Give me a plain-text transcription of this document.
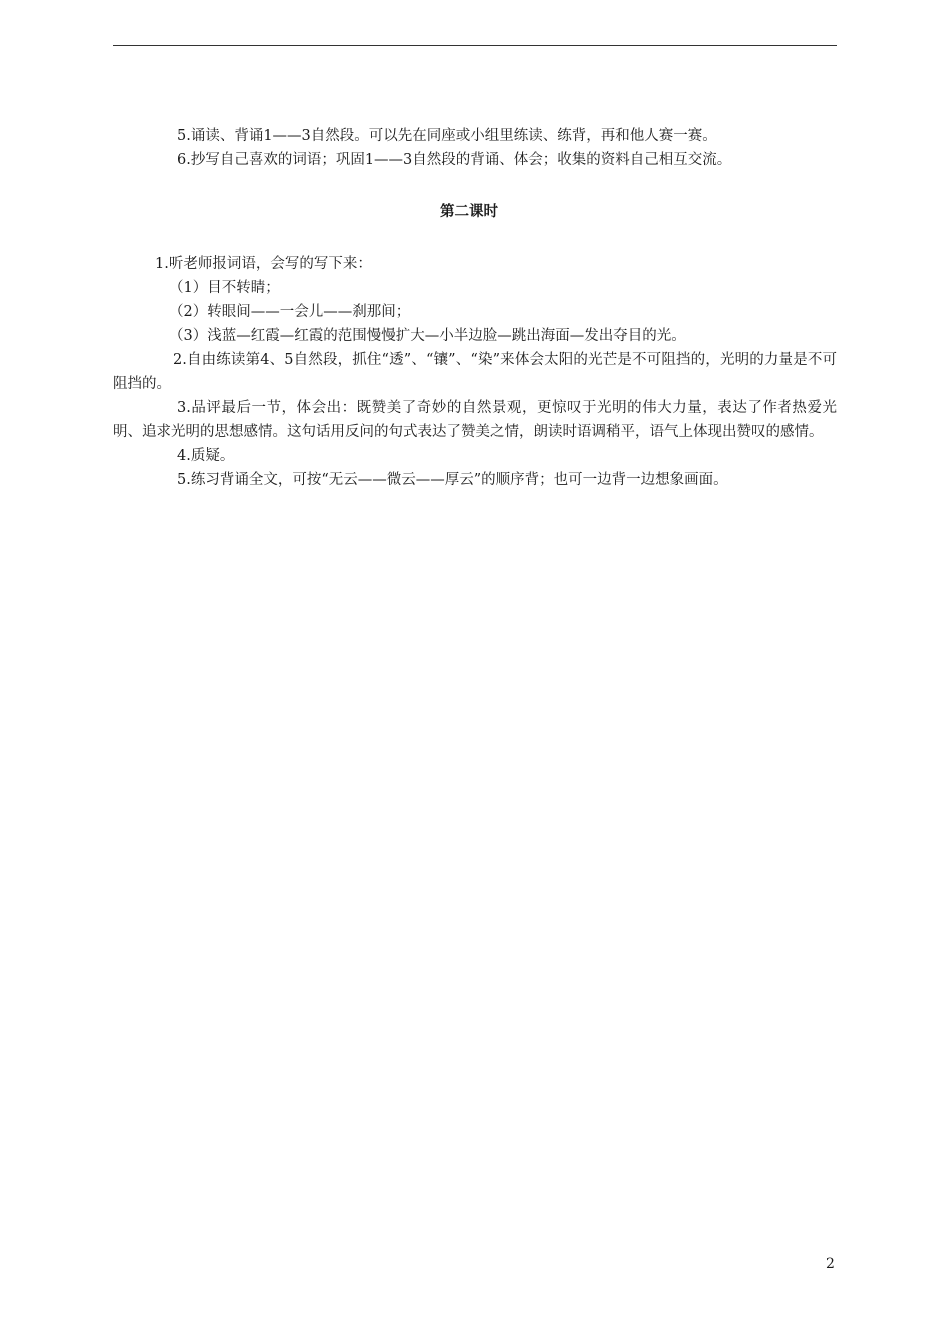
5.诵读、背诵1——3自然段。可以先在同座或小组里练读、练背，再和他人赛一赛。

6.抄写自己喜欢的词语；巩固1——3自然段的背诵、体会；收集的资料自己相互交流。

第二课时

1.听老师报词语，会写的写下来：

（1）目不转睛；

（2）转眼间——一会儿——刹那间；

（3）浅蓝—红霞—红霞的范围慢慢扩大—小半边脸—跳出海面—发出夺目的光。

2.自由练读第4、5自然段，抓住“透”、“镶”、“染”来体会太阳的光芒是不可阻挡的，光明的力量是不可阻挡的。

3.品评最后一节，体会出：既赞美了奇妙的自然景观，更惊叹于光明的伟大力量，表达了作者热爱光明、追求光明的思想感情。这句话用反问的句式表达了赞美之情，朗读时语调稍平，语气上体现出赞叹的感情。

4.质疑。

5.练习背诵全文，可按“无云——微云——厚云”的顺序背；也可一边背一边想象画面。

2
